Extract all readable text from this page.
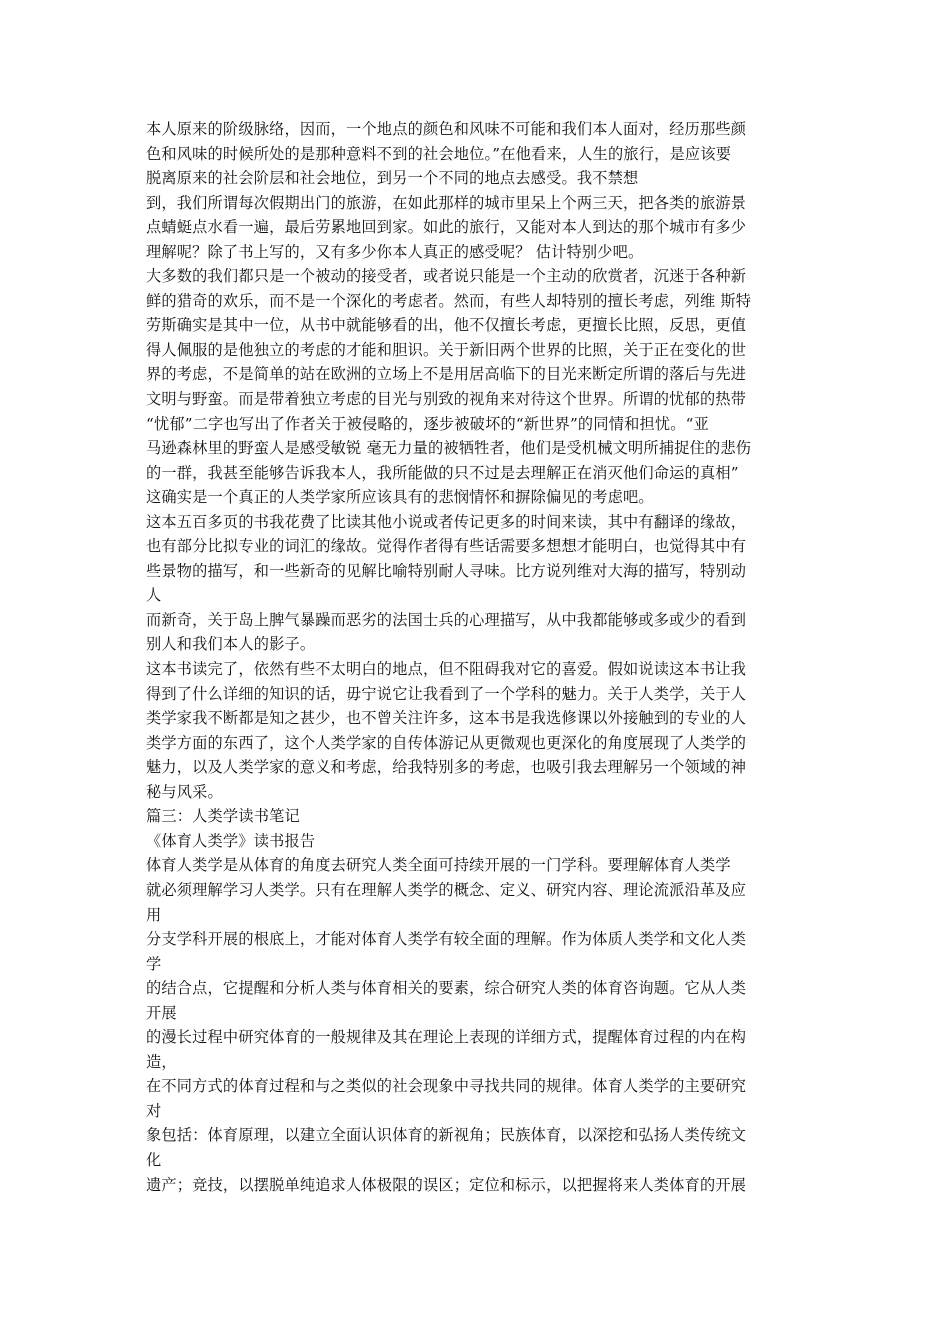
本人原来的阶级脉络，因而，一个地点的颜色和风味不可能和我们本人面对，经历那些颜
色和风味的时候所处的是那种意料不到的社会地位。”在他看来，人生的旅行，是应该要
脱离原来的社会阶层和社会地位，到另一个不同的地点去感受。我不禁想
到，我们所谓每次假期出门的旅游，在如此那样的城市里呆上个两三天，把各类的旅游景
点蜻蜓点水看一遍，最后劳累地回到家。如此的旅行，又能对本人到达的那个城市有多少
理解呢？除了书上写的，又有多少你本人真正的感受呢？ 估计特别少吧。
大多数的我们都只是一个被动的接受者，或者说只能是一个主动的欣赏者，沉迷于各种新
鲜的猎奇的欢乐，而不是一个深化的考虑者。然而，有些人却特别的擅长考虑，列维 斯特
劳斯确实是其中一位，从书中就能够看的出，他不仅擅长考虑，更擅长比照，反思，更值
得人佩服的是他独立的考虑的才能和胆识。关于新旧两个世界的比照，关于正在变化的世
界的考虑，不是简单的站在欧洲的立场上不是用居高临下的目光来断定所谓的落后与先进
文明与野蛮。而是带着独立考虑的目光与别致的视角来对待这个世界。所谓的忧郁的热带
“忧郁”二字也写出了作者关于被侵略的，逐步被破坏的“新世界”的同情和担忧。“亚
马逊森林里的野蛮人是感受敏锐 毫无力量的被牺牲者，他们是受机械文明所捕捉住的悲伤
的一群，我甚至能够告诉我本人，我所能做的只不过是去理解正在消灭他们命运的真相”
这确实是一个真正的人类学家所应该具有的悲悯情怀和摒除偏见的考虑吧。
这本五百多页的书我花费了比读其他小说或者传记更多的时间来读，其中有翻译的缘故，
也有部分比拟专业的词汇的缘故。觉得作者得有些话需要多想想才能明白，也觉得其中有
些景物的描写，和一些新奇的见解比喻特别耐人寻味。比方说列维对大海的描写，特别动
人
而新奇，关于岛上脾气暴躁而恶劣的法国士兵的心理描写，从中我都能够或多或少的看到
别人和我们本人的影子。
这本书读完了，依然有些不太明白的地点，但不阻碍我对它的喜爱。假如说读这本书让我
得到了什么详细的知识的话，毋宁说它让我看到了一个学科的魅力。关于人类学，关于人
类学家我不断都是知之甚少，也不曾关注许多，这本书是我选修课以外接触到的专业的人
类学方面的东西了，这个人类学家的自传体游记从更微观也更深化的角度展现了人类学的
魅力，以及人类学家的意义和考虑，给我特别多的考虑，也吸引我去理解另一个领域的神
秘与风采。
篇三：人类学读书笔记
《体育人类学》读书报告
体育人类学是从体育的角度去研究人类全面可持续开展的一门学科。要理解体育人类学
就必须理解学习人类学。只有在理解人类学的概念、定义、研究内容、理论流派沿革及应
用
分支学科开展的根底上，才能对体育人类学有较全面的理解。作为体质人类学和文化人类
学
的结合点，它提醒和分析人类与体育相关的要素，综合研究人类的体育咨询题。它从人类
开展
的漫长过程中研究体育的一般规律及其在理论上表现的详细方式，提醒体育过程的内在构
造，
在不同方式的体育过程和与之类似的社会现象中寻找共同的规律。体育人类学的主要研究
对
象包括：体育原理，以建立全面认识体育的新视角；民族体育，以深挖和弘扬人类传统文
化
遗产；竞技，以摆脱单纯追求人体极限的误区；定位和标示，以把握将来人类体育的开展
